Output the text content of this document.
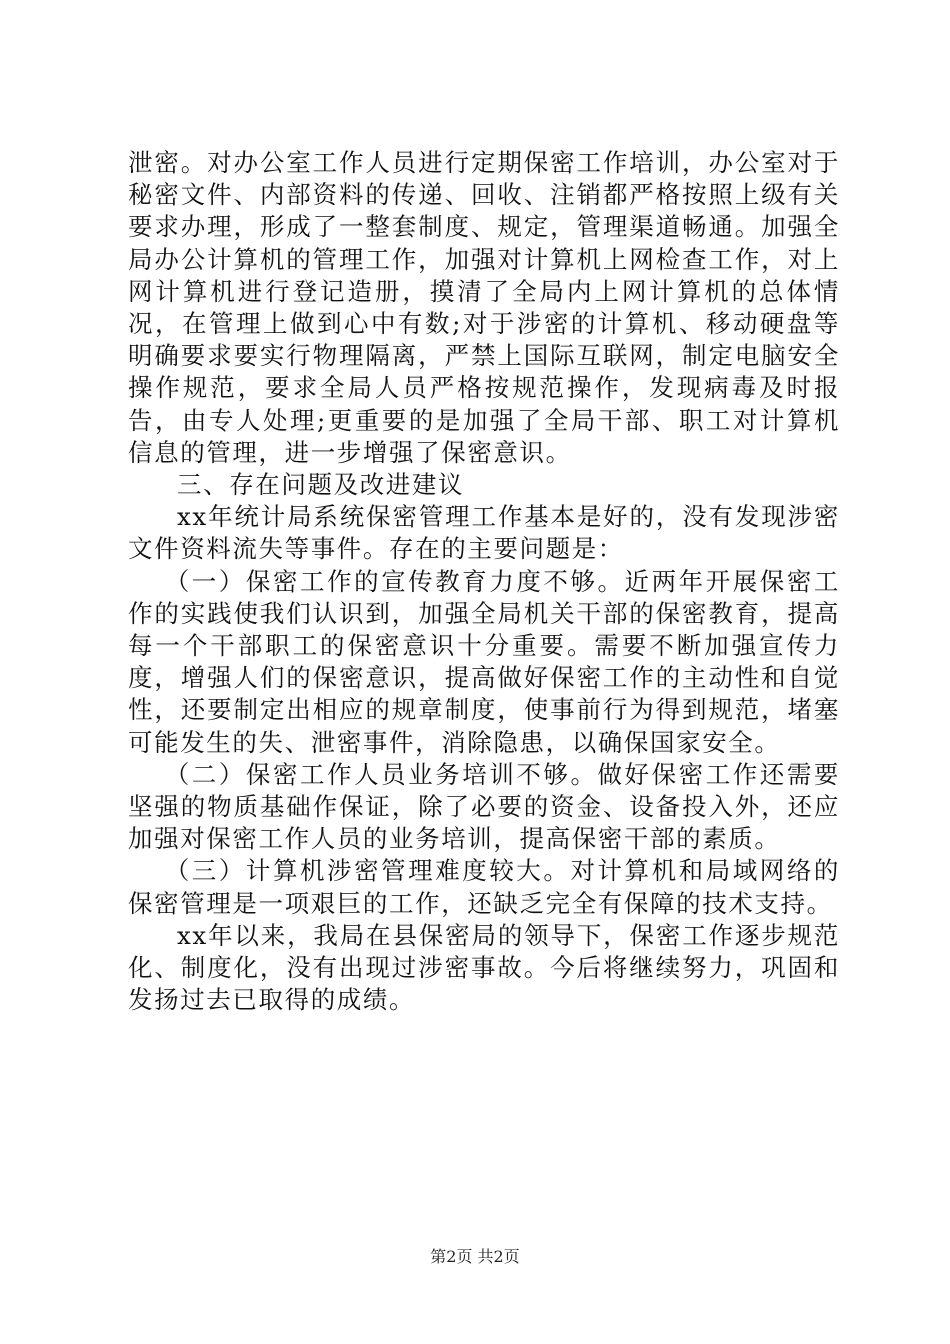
泄密。对办公室工作人员进行定期保密工作培训，办公室对于秘密文件、内部资料的传递、回收、注销都严格按照上级有关要求办理，形成了一整套制度、规定，管理渠道畅通。加强全局办公计算机的管理工作，加强对计算机上网检查工作，对上网计算机进行登记造册，摸清了全局内上网计算机的总体情况，在管理上做到心中有数;对于涉密的计算机、移动硬盘等明确要求要实行物理隔离，严禁上国际互联网，制定电脑安全操作规范，要求全局人员严格按规范操作，发现病毒及时报告，由专人处理;更重要的是加强了全局干部、职工对计算机信息的管理，进一步增强了保密意识。

三、存在问题及改进建议

xx年统计局系统保密管理工作基本是好的，没有发现涉密文件资料流失等事件。存在的主要问题是：

（一）保密工作的宣传教育力度不够。近两年开展保密工作的实践使我们认识到，加强全局机关干部的保密教育，提高每一个干部职工的保密意识十分重要。需要不断加强宣传力度，增强人们的保密意识，提高做好保密工作的主动性和自觉性，还要制定出相应的规章制度，使事前行为得到规范，堵塞可能发生的失、泄密事件，消除隐患，以确保国家安全。

（二）保密工作人员业务培训不够。做好保密工作还需要坚强的物质基础作保证，除了必要的资金、设备投入外，还应加强对保密工作人员的业务培训，提高保密干部的素质。

（三）计算机涉密管理难度较大。对计算机和局域网络的保密管理是一项艰巨的工作，还缺乏完全有保障的技术支持。

xx年以来，我局在县保密局的领导下，保密工作逐步规范化、制度化，没有出现过涉密事故。今后将继续努力，巩固和发扬过去已取得的成绩。

第2页 共2页
